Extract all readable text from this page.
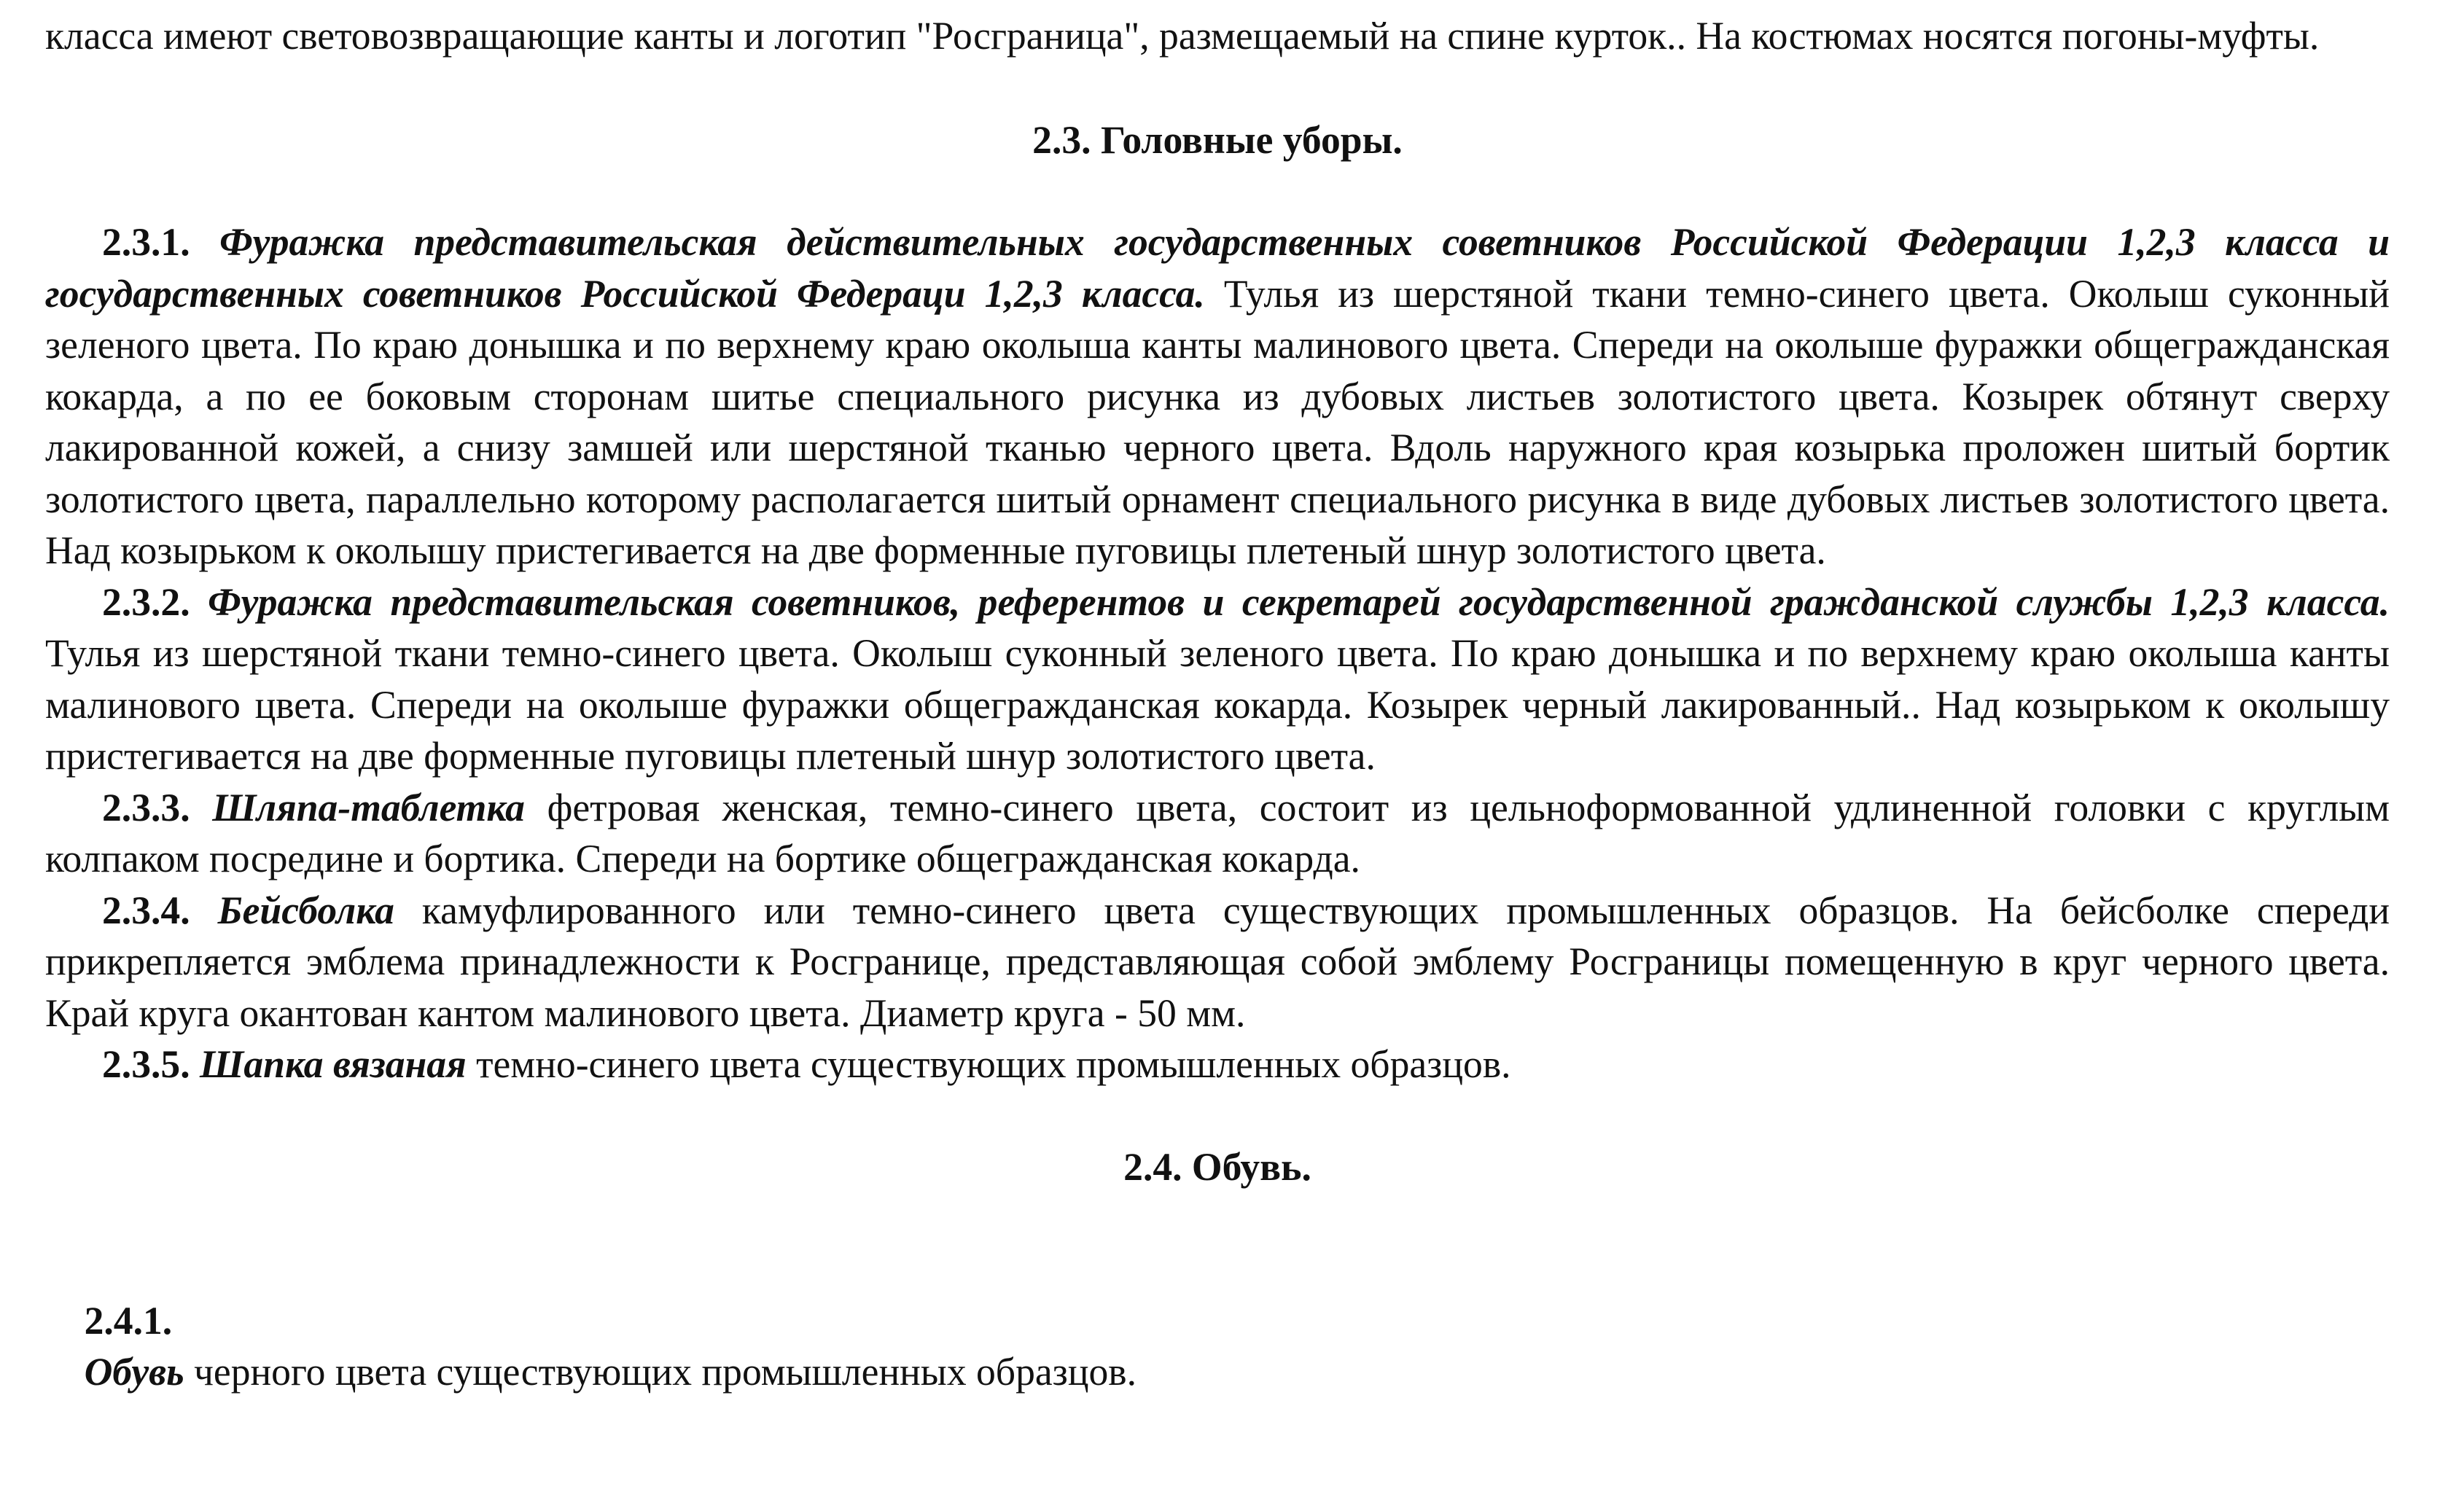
класса имеют световозвращающие канты и логотип "Росграница", размещаемый на спине курток.. На костюмах носятся погоны-муфты.

2.3. Головные уборы.

2.3.1. Фуражка представительская действительных государственных советников Российской Федерации 1,2,3 класса и государственных советников Российской Федераци 1,2,3 класса. Тулья из шерстяной ткани темно-синего цвета. Околыш суконный зеленого цвета. По краю донышка и по верхнему краю околыша канты малинового цвета. Спереди на околыше фуражки общегражданская кокарда, а по ее боковым сторонам шитье специального рисунка из дубовых листьев золотистого цвета. Козырек обтянут сверху лакированной кожей, а снизу замшей или шерстяной тканью черного цвета. Вдоль наружного края козырька проложен шитый бортик золотистого цвета, параллельно которому располагается шитый орнамент специального рисунка в виде дубовых листьев золотистого цвета. Над козырьком к околышу пристегивается на две форменные пуговицы плетеный шнур золотистого цвета.

2.3.2. Фуражка представительская советников, референтов и секретарей государственной гражданской службы 1,2,3 класса. Тулья из шерстяной ткани темно-синего цвета. Околыш суконный зеленого цвета. По краю донышка и по верхнему краю околыша канты малинового цвета. Спереди на околыше фуражки общегражданская кокарда. Козырек черный лакированный.. Над козырьком к околышу пристегивается на две форменные пуговицы плетеный шнур золотистого цвета.

2.3.3. Шляпа-таблетка фетровая женская, темно-синего цвета, состоит из цельноформованной удлиненной головки с круглым колпаком посредине и бортика. Спереди на бортике общегражданская кокарда.

2.3.4. Бейсболка камуфлированного или темно-синего цвета существующих промышленных образцов. На бейсболке спереди прикрепляется эмблема принадлежности к Росгранице, представляющая собой эмблему Росграницы помещенную в круг черного цвета. Край круга окантован кантом малинового цвета. Диаметр круга - 50 мм.

2.3.5. Шапка вязаная темно-синего цвета существующих промышленных образцов.

2.4. Обувь.

2.4.1.
Обувь черного цвета существующих промышленных образцов.
